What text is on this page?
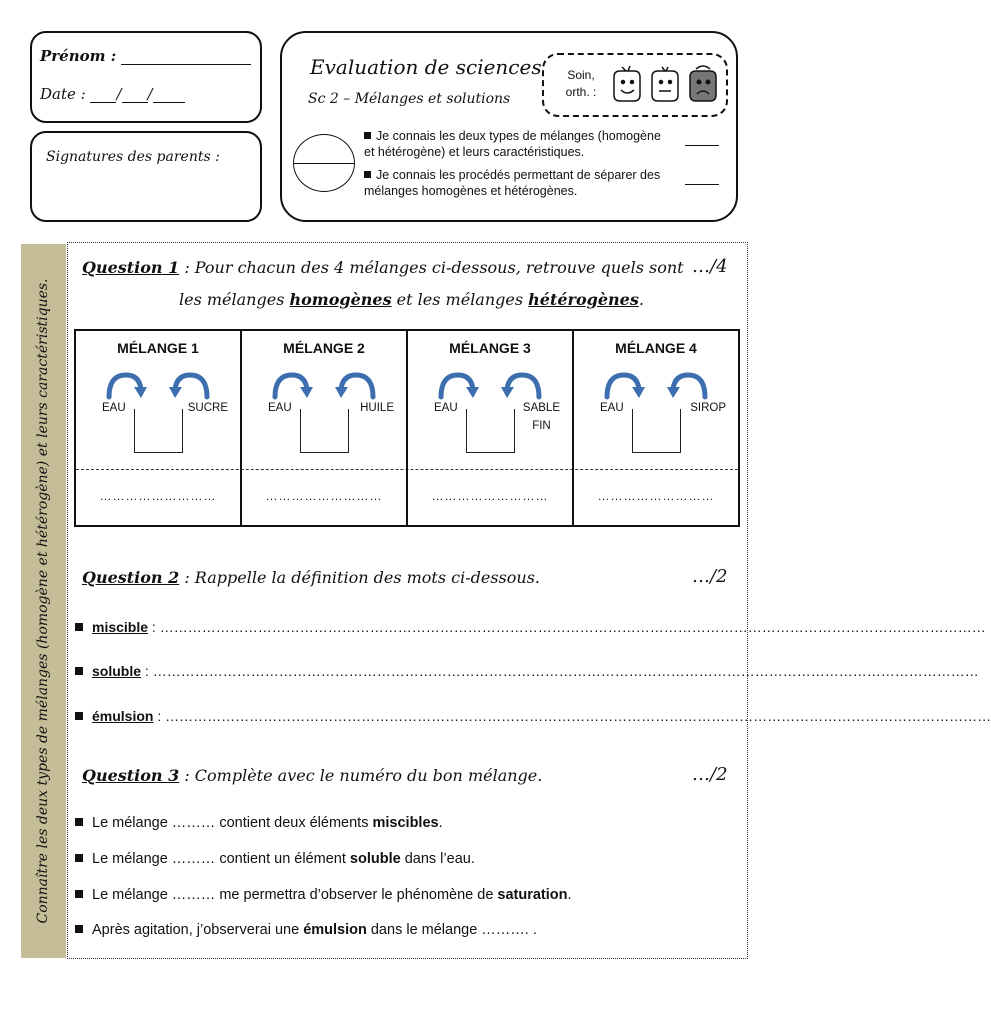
Prénom :
Date : / /
Signatures des parents :
Evaluation de sciences
Sc 2 – Mélanges et solutions
Soin,
orth. :
Je connais les deux types de mélanges (homogène et hétérogène) et leurs caractéristiques.
Je connais les procédés permettant de séparer des mélanges homogènes et hétérogènes.
Connaître les deux types de mélanges (homogène et hétérogène) et leurs caractéristiques.
Question 1 : Pour chacun des 4 mélanges ci-dessous, retrouve quels sont
les mélanges homogènes et les mélanges hétérogènes.
…/4
MÉLANGE 1
EAU	SUCRE
………………………
MÉLANGE 2
EAU	HUILE
………………………
MÉLANGE 3
EAU	SABLE
FIN
………………………
MÉLANGE 4
EAU	SIROP
………………………
Question 2 : Rappelle la définition des mots ci-dessous.	…/2
miscible : ……………………………………………………………………………………………………………………………………………………………
soluble : ……………………………………………………………………………………………………………………………………………………………
émulsion : ……………………………………………………………………………………………………………………………………………………………
Question 3 : Complète avec le numéro du bon mélange.	…/2
Le mélange ……… contient deux éléments miscibles.
Le mélange ……… contient un élément soluble dans l’eau.
Le mélange ……… me permettra d’observer le phénomène de saturation.
Après agitation, j’observerai une émulsion dans le mélange ………. .
